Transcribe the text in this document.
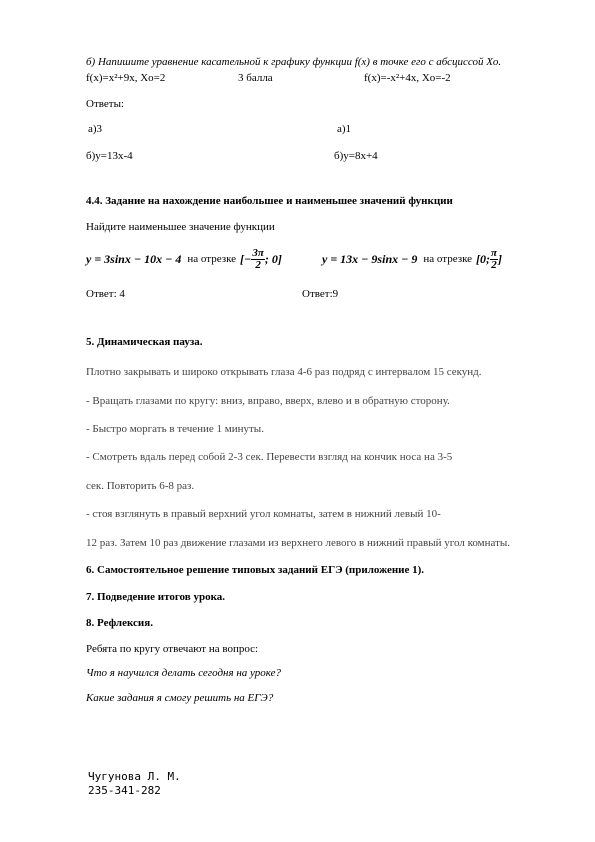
б) Напишите уравнение касательной к графику функции f(x) в точке его с абсциссой Xo.
f(x)=x²+9x, Xo=2	3 балла	f(x)=-x²+4x, Xo=-2
Ответы:
а)3	а)1
б)y=13x-4	б)y=8x+4
4.4. Задание на нахождение наибольшее и наименьшее значений функции
Найдите наименьшее значение функции
y = 3sinx − 10x − 4 на отрезке [− $\frac{3\pi}{2}$ ; 0]	y = 13x − 9sinx − 9 на отрезке [0; $\frac{\pi}{2}$ ]
Ответ: 4	Ответ:9
5. Динамическая пауза.
Плотно закрывать и широко открывать глаза 4-6 раз подряд с интервалом 15 секунд.
- Вращать глазами по кругу: вниз, вправо, вверх, влево и в обратную сторону.
- Быстро моргать в течение 1 минуты.
- Смотреть вдаль перед собой 2-3 сек. Перевести взгляд на кончик носа на 3-5
сек. Повторить 6-8 раз.
- стоя взглянуть в правый верхний угол комнаты, затем в нижний левый 10-
12 раз. Затем 10 раз движение глазами из верхнего левого в нижний правый угол комнаты.
6. Самостоятельное решение типовых заданий ЕГЭ (приложение 1).
7. Подведение итогов урока.
8. Рефлексия.
Ребята по кругу отвечают на вопрос:
Что я научился делать сегодня на уроке?
Какие задания я смогу решить на ЕГЭ?
Чугунова Л. М.
235-341-282
